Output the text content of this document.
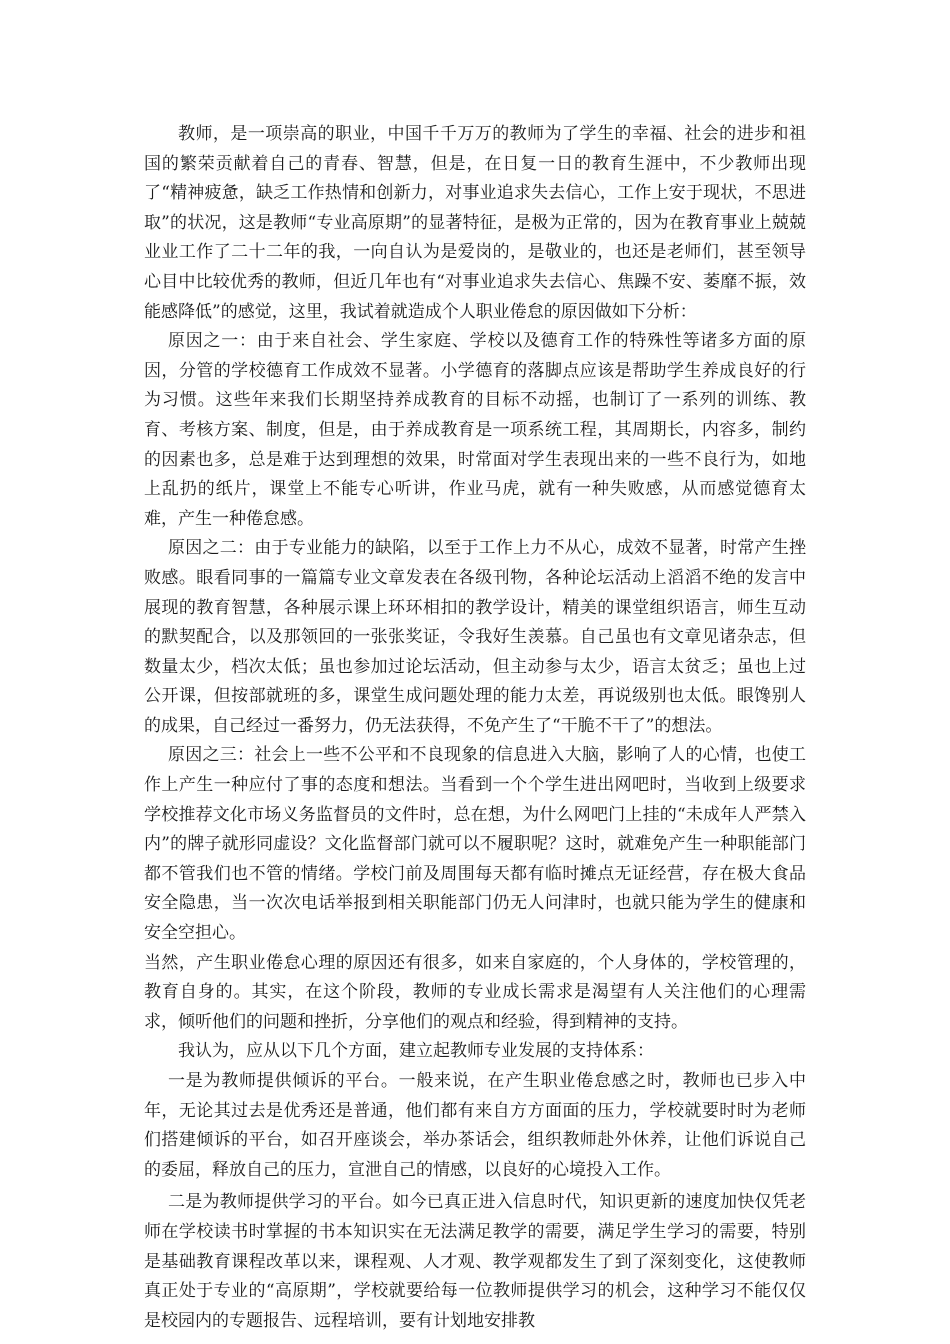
教师，是一项崇高的职业，中国千千万万的教师为了学生的幸福、社会的进步和祖国的繁荣贡献着自己的青春、智慧，但是，在日复一日的教育生涯中，不少教师出现了“精神疲惫，缺乏工作热情和创新力，对事业追求失去信心，工作上安于现状，不思进取”的状况，这是教师“专业高原期”的显著特征，是极为正常的，因为在教育事业上兢兢业业工作了二十二年的我，一向自认为是爱岗的，是敬业的，也还是老师们，甚至领导心目中比较优秀的教师，但近几年也有“对事业追求失去信心、焦躁不安、萎靡不振，效能感降低”的感觉，这里，我试着就造成个人职业倦怠的原因做如下分析：

原因之一：由于来自社会、学生家庭、学校以及德育工作的特殊性等诸多方面的原因，分管的学校德育工作成效不显著。小学德育的落脚点应该是帮助学生养成良好的行为习惯。这些年来我们长期坚持养成教育的目标不动摇，也制订了一系列的训练、教育、考核方案、制度，但是，由于养成教育是一项系统工程，其周期长，内容多，制约的因素也多，总是难于达到理想的效果，时常面对学生表现出来的一些不良行为，如地上乱扔的纸片，课堂上不能专心听讲，作业马虎，就有一种失败感，从而感觉德育太难，产生一种倦怠感。

原因之二：由于专业能力的缺陷，以至于工作上力不从心，成效不显著，时常产生挫败感。眼看同事的一篇篇专业文章发表在各级刊物，各种论坛活动上滔滔不绝的发言中展现的教育智慧，各种展示课上环环相扣的教学设计，精美的课堂组织语言，师生互动的默契配合，以及那领回的一张张奖证，令我好生羡慕。自己虽也有文章见诸杂志，但数量太少，档次太低；虽也参加过论坛活动，但主动参与太少，语言太贫乏；虽也上过公开课，但按部就班的多，课堂生成问题处理的能力太差，再说级别也太低。眼馋别人的成果，自己经过一番努力，仍无法获得，不免产生了“干脆不干了”的想法。

原因之三：社会上一些不公平和不良现象的信息进入大脑，影响了人的心情，也使工作上产生一种应付了事的态度和想法。当看到一个个学生进出网吧时，当收到上级要求学校推荐文化市场义务监督员的文件时，总在想，为什么网吧门上挂的“未成年人严禁入内”的牌子就形同虚设？文化监督部门就可以不履职呢？这时，就难免产生一种职能部门都不管我们也不管的情绪。学校门前及周围每天都有临时摊点无证经营，存在极大食品安全隐患，当一次次电话举报到相关职能部门仍无人问津时，也就只能为学生的健康和安全空担心。

当然，产生职业倦怠心理的原因还有很多，如来自家庭的，个人身体的，学校管理的，教育自身的。其实，在这个阶段，教师的专业成长需求是渴望有人关注他们的心理需求，倾听他们的问题和挫折，分享他们的观点和经验，得到精神的支持。

我认为，应从以下几个方面，建立起教师专业发展的支持体系：

一是为教师提供倾诉的平台。一般来说，在产生职业倦怠感之时，教师也已步入中年，无论其过去是优秀还是普通，他们都有来自方方面面的压力，学校就要时时为老师们搭建倾诉的平台，如召开座谈会，举办茶话会，组织教师赴外休养，让他们诉说自己的委屈，释放自己的压力，宣泄自己的情感，以良好的心境投入工作。

二是为教师提供学习的平台。如今已真正进入信息时代，知识更新的速度加快仅凭老师在学校读书时掌握的书本知识实在无法满足教学的需要，满足学生学习的需要，特别是基础教育课程改革以来，课程观、人才观、教学观都发生了到了深刻变化，这使教师真正处于专业的“高原期”，学校就要给每一位教师提供学习的机会，这种学习不能仅仅是校园内的专题报告、远程培训，要有计划地安排教
